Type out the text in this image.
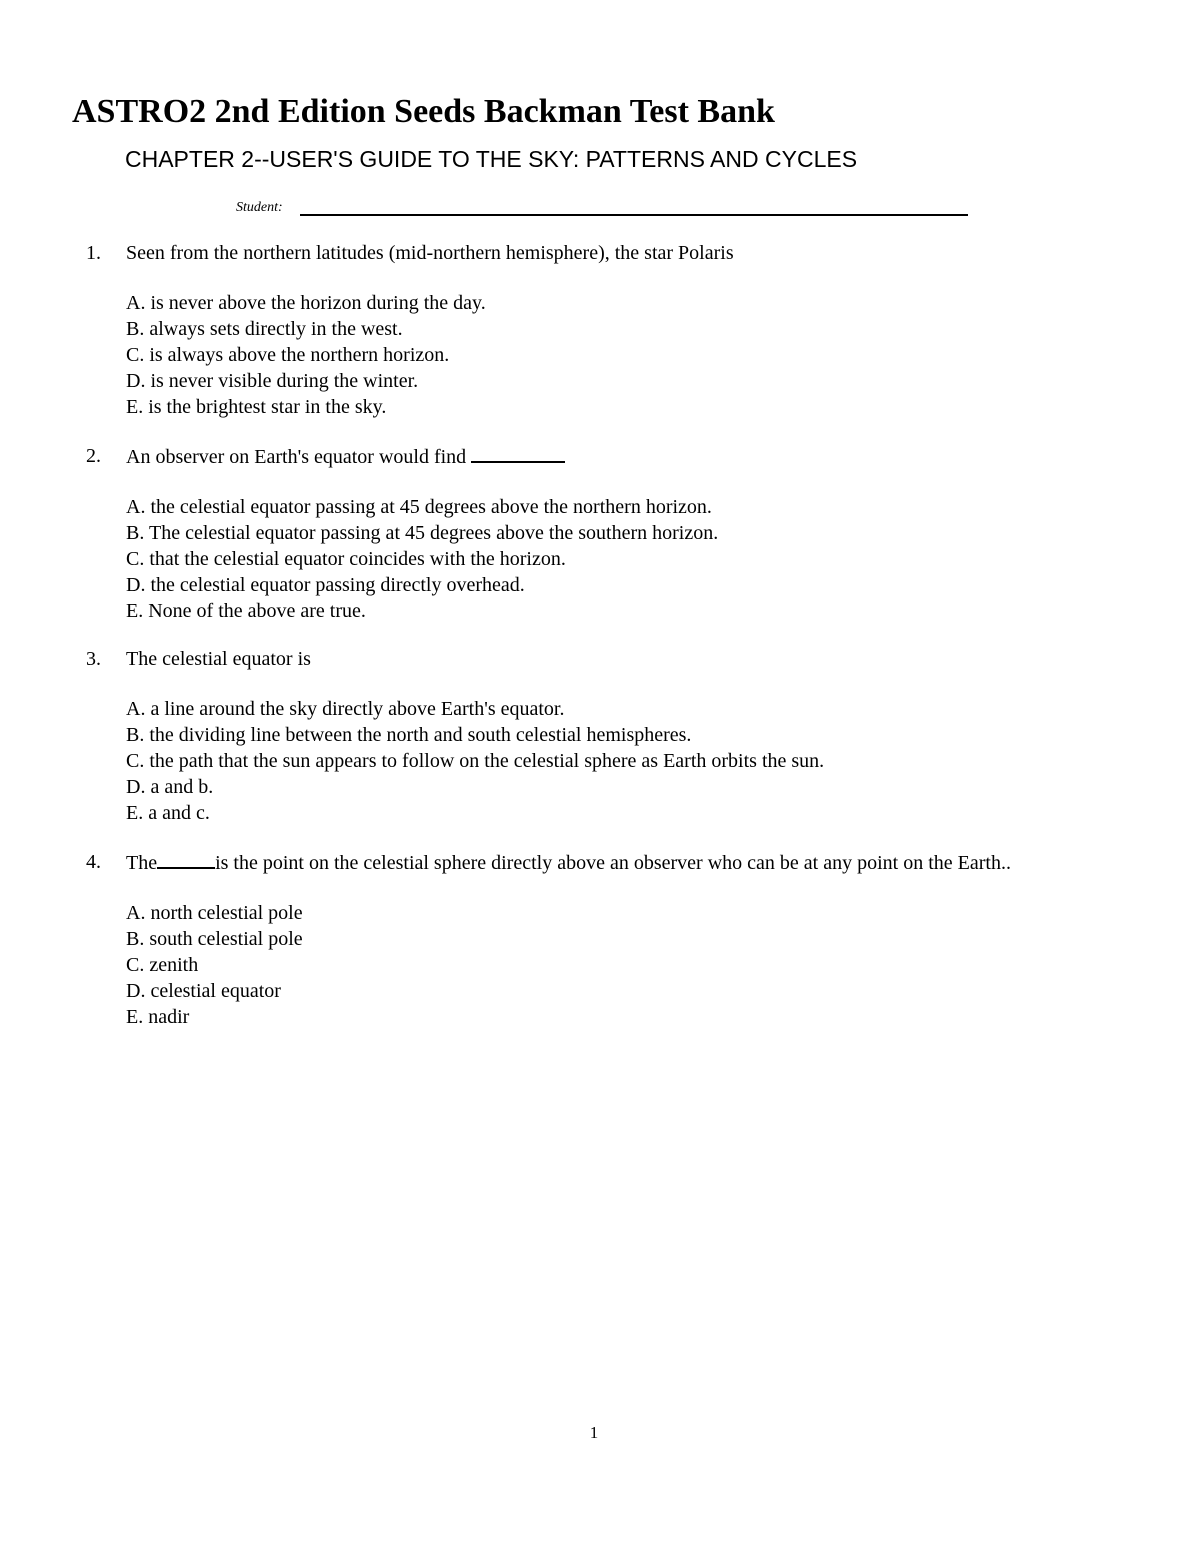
ASTRO2 2nd Edition Seeds Backman Test Bank
CHAPTER 2--USER'S GUIDE TO THE SKY: PATTERNS AND CYCLES
Student:
1.	Seen from the northern latitudes (mid-northern hemisphere), the star Polaris
A. is never above the horizon during the day.
B. always sets directly in the west.
C. is always above the northern horizon.
D. is never visible during the winter.
E. is the brightest star in the sky.
2.	An observer on Earth's equator would find
A. the celestial equator passing at 45 degrees above the northern horizon.
B. The celestial equator passing at 45 degrees above the southern horizon.
C. that the celestial equator coincides with the horizon.
D. the celestial equator passing directly overhead.
E. None of the above are true.
3.	The celestial equator is
A. a line around the sky directly above Earth's equator.
B. the dividing line between the north and south celestial hemispheres.
C. the path that the sun appears to follow on the celestial sphere as Earth orbits the sun.
D. a and b.
E. a and c.
4.	The	is the point on the celestial sphere directly above an observer who can be at any point on the Earth..
A. north celestial pole
B. south celestial pole
C. zenith
D. celestial equator
E. nadir
1
